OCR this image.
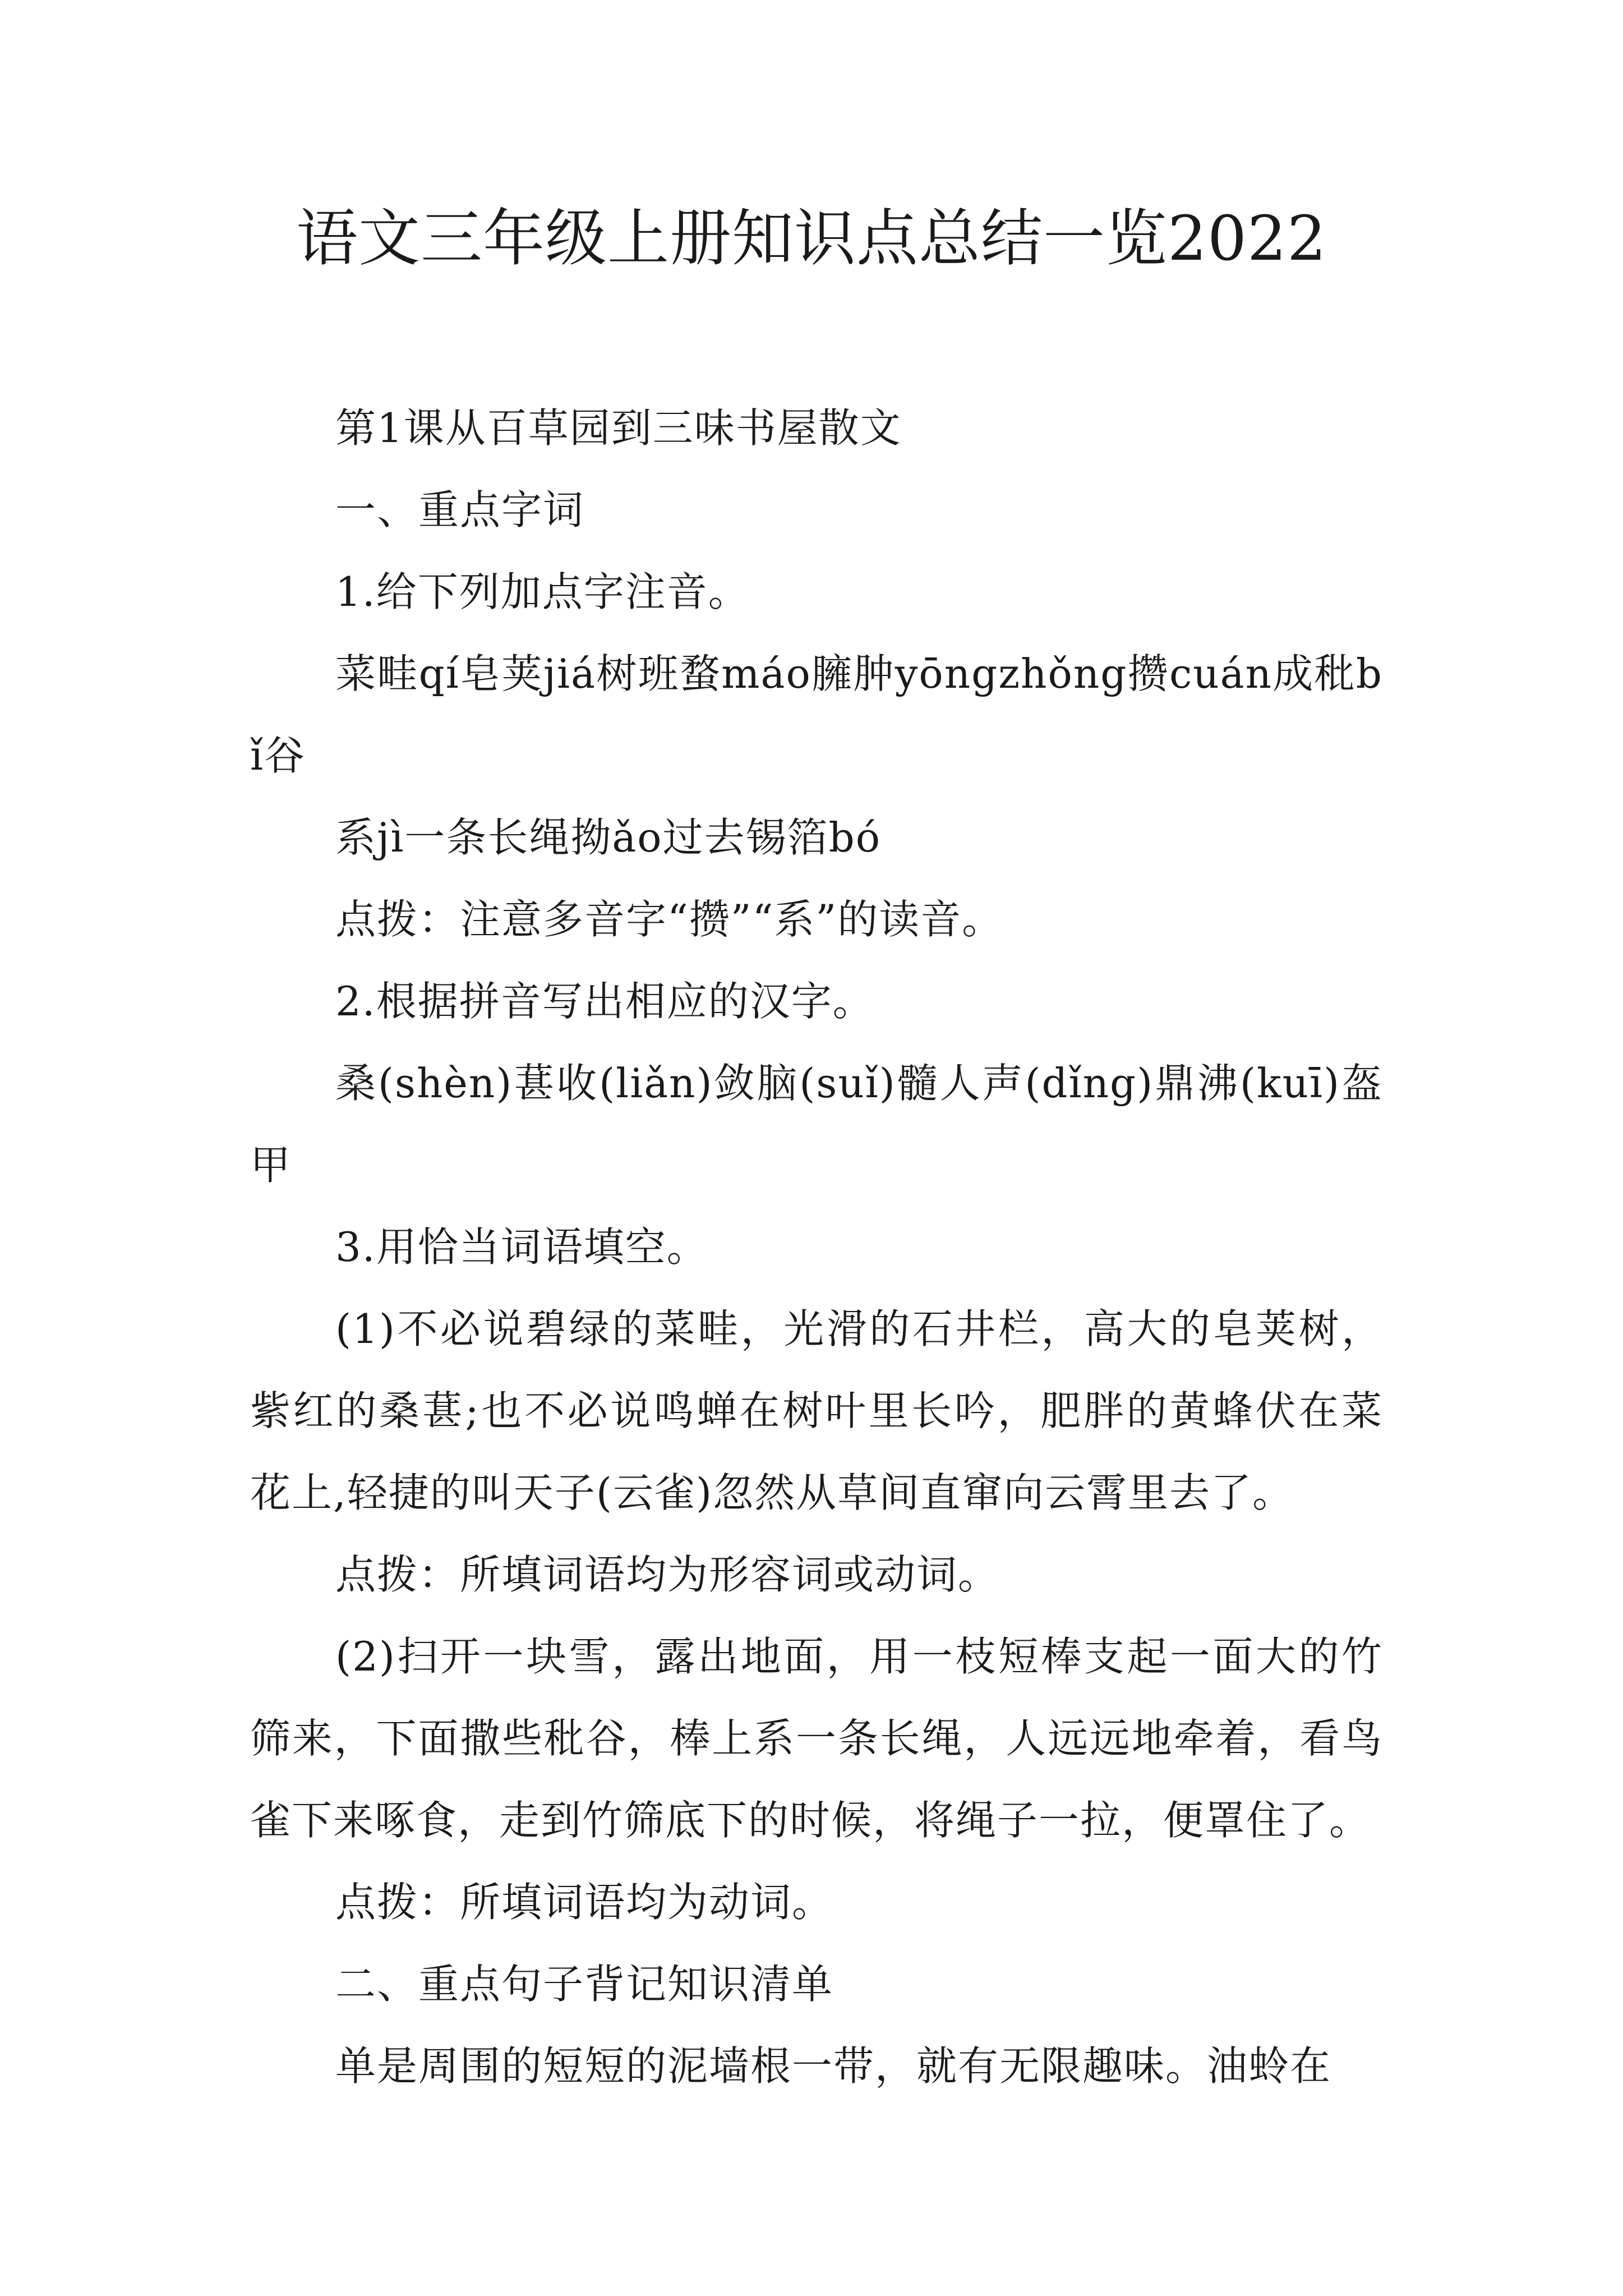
语文三年级上册知识点总结一览2022

第1课从百草园到三味书屋散文

一、重点字词

1.给下列加点字注音。

菜畦qí皂荚jiá树班蝥máo臃肿yōngzhǒng攒cuán成秕bǐ谷

系jì一条长绳拗ǎo过去锡箔bó

点拨：注意多音字“攒”“系”的读音。

2.根据拼音写出相应的汉字。

桑(shèn)葚收(liǎn)敛脑(suǐ)髓人声(dǐng)鼎沸(kuī)盔甲

3.用恰当词语填空。

(1)不必说碧绿的菜畦，光滑的石井栏，高大的皂荚树，紫红的桑葚;也不必说鸣蝉在树叶里长吟，肥胖的黄蜂伏在菜花上,轻捷的叫天子(云雀)忽然从草间直窜向云霄里去了。

点拨：所填词语均为形容词或动词。

(2)扫开一块雪，露出地面，用一枝短棒支起一面大的竹筛来，下面撒些秕谷，棒上系一条长绳，人远远地牵着，看鸟雀下来啄食，走到竹筛底下的时候，将绳子一拉，便罩住了。

点拨：所填词语均为动词。

二、重点句子背记知识清单

单是周围的短短的泥墙根一带，就有无限趣味。油蛉在
